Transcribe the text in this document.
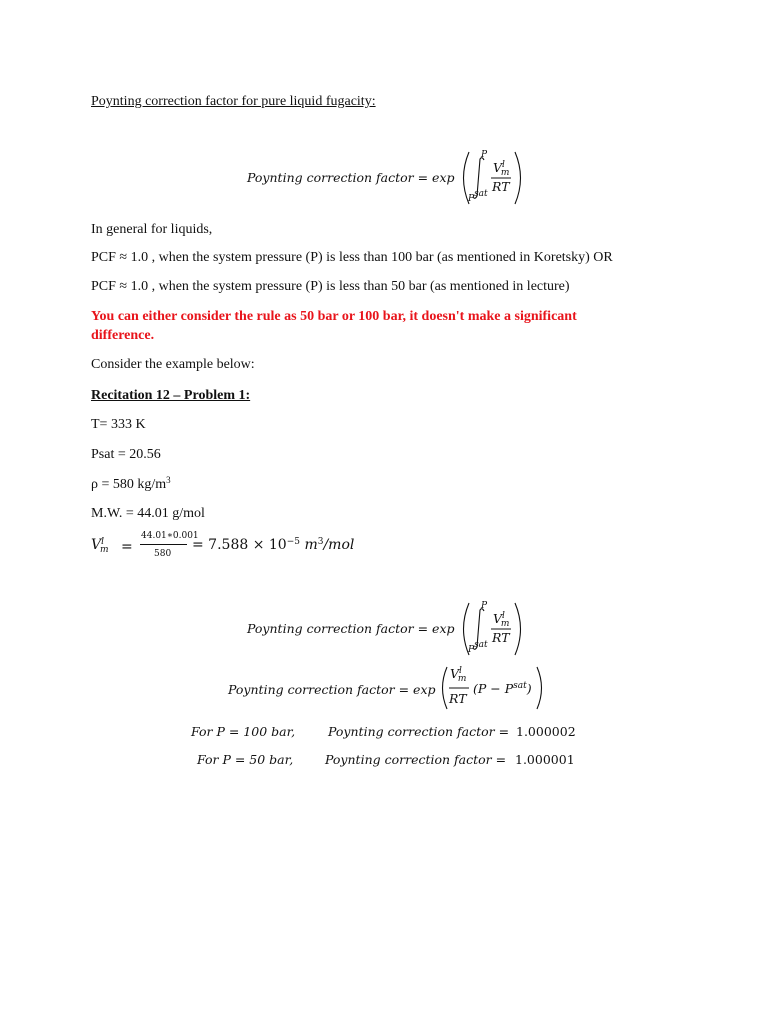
Poynting correction factor for pure liquid fugacity:
Poynting correction factor = exp
P
$P^{sat}$
$V^l_m$
RT
In general for liquids,
PCF ≈ 1.0 , when the system pressure (P) is less than 100 bar (as mentioned in Koretsky) OR
PCF ≈ 1.0 , when the system pressure (P) is less than 50 bar (as mentioned in lecture)
You can either consider the rule as 50 bar or 100 bar, it doesn't make a significant
difference.
Consider the example below:
Recitation 12 – Problem 1:
T= 333 K
Psat = 20.56
ρ = 580 $kg/m^3$
M.W. = 44.01 g/mol
$V^l_m$ =
44.01∗0.001
580
= $7.588 \times 10^{-5}$ $m^3$/mol
Poynting correction factor = exp
P
$P^{sat}$
$V^l_m$
RT
Poynting correction factor = exp
$V^l_m$
RT
$(P - P^{sat})$
For P = 100 bar,	Poynting correction factor = 1.000002
For P = 50 bar,	Poynting correction factor = 1.000001
